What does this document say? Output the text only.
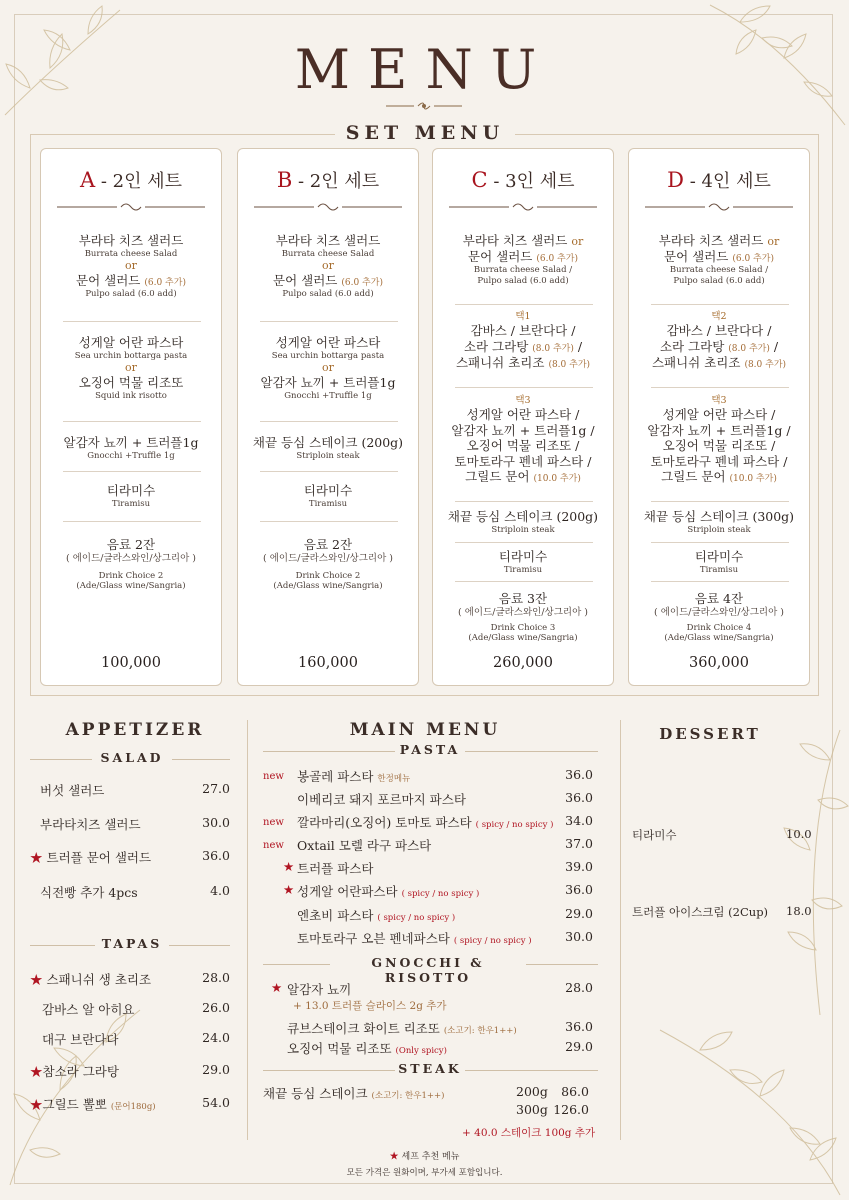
MENU
SET MENU
A - 2인 세트
부라타 치즈 샐러드
Burrata cheese Salad
or
문어 샐러드 (6.0 추가)
Pulpo salad (6.0 add)
성게알 어란 파스타
Sea urchin bottarga pasta
or
오징어 먹물 리조또
Squid ink risotto
알감자 뇨끼 + 트러플1g
Gnocchi +Truffle 1g
티라미수
Tiramisu
음료 2잔
( 에이드/글라스와인/상그리아 )
Drink Choice 2
(Ade/Glass wine/Sangria)
100,000
B - 2인 세트
부라타 치즈 샐러드
Burrata cheese Salad
or
문어 샐러드 (6.0 추가)
Pulpo salad (6.0 add)
성게알 어란 파스타
Sea urchin bottarga pasta
or
알감자 뇨끼 + 트러플1g
Gnocchi +Truffle 1g
채끝 등심 스테이크 (200g)
Striploin steak
티라미수
Tiramisu
음료 2잔
( 에이드/글라스와인/상그리아 )
Drink Choice 2
(Ade/Glass wine/Sangria)
160,000
C - 3인 세트
부라타 치즈 샐러드 or
문어 샐러드 (6.0 추가)
Burrata cheese Salad /
Pulpo salad (6.0 add)
택1
감바스 / 브란다다 /
소라 그라탕 (8.0 추가) /
스패니쉬 초리조 (8.0 추가)
택3
성게알 어란 파스타 /
알감자 뇨끼 + 트러플1g /
오징어 먹물 리조또 /
토마토라구 펜네 파스타 /
그릴드 문어 (10.0 추가)
채끝 등심 스테이크 (200g)
Striploin steak
티라미수
Tiramisu
음료 3잔
( 에이드/글라스와인/상그리아 )
Drink Choice 3
(Ade/Glass wine/Sangria)
260,000
D - 4인 세트
부라타 치즈 샐러드 or
문어 샐러드 (6.0 추가)
Burrata cheese Salad /
Pulpo salad (6.0 add)
택2
감바스 / 브란다다 /
소라 그라탕 (8.0 추가) /
스패니쉬 초리조 (8.0 추가)
택3
성게알 어란 파스타 /
알감자 뇨끼 + 트러플1g /
오징어 먹물 리조또 /
토마토라구 펜네 파스타 /
그릴드 문어 (10.0 추가)
채끝 등심 스테이크 (300g)
Striploin steak
티라미수
Tiramisu
음료 4잔
( 에이드/글라스와인/상그리아 )
Drink Choice 4
(Ade/Glass wine/Sangria)
360,000
APPETIZER
SALAD
버섯 샐러드	27.0
부라타치즈 샐러드	30.0
★ 트러플 문어 샐러드	36.0
식전빵 추가 4pcs	4.0
TAPAS
★ 스패니쉬 생 초리조	28.0
감바스 알 아히요	26.0
대구 브란다다	24.0
★참소라 그라탕	29.0
★그릴드 뽈뽀 (문어180g)	54.0
MAIN MENU
PASTA
new 봉골레 파스타 한정메뉴	36.0
이베리코 돼지 포르마지 파스타	36.0
new 깔라마리(오징어) 토마토 파스타 ( spicy / no spicy ) 34.0
new Oxtail 모렐 라구 파스타	37.0
★ 트러플 파스타	39.0
★ 성게알 어란파스타 ( spicy / no spicy )	36.0
엔초비 파스타 ( spicy / no spicy )	29.0
토마토라구 오븐 펜네파스타 ( spicy / no spicy )	30.0
GNOCCHI & RISOTTO
★ 알감자 뇨끼	28.0
+ 13.0 트러플 슬라이스 2g 추가
큐브스테이크 화이트 리조또 (소고기: 한우1++)	36.0
오징어 먹물 리조또 (Only spicy)	29.0
STEAK
채끝 등심 스테이크 (소고기: 한우1++)	200g 86.0
300g 126.0
+ 40.0 스테이크 100g 추가
DESSERT
티라미수	10.0
트러플 아이스크림 (2Cup) 18.0
★ 셰프 추천 메뉴
모든 가격은 원화이며, 부가세 포함입니다.
